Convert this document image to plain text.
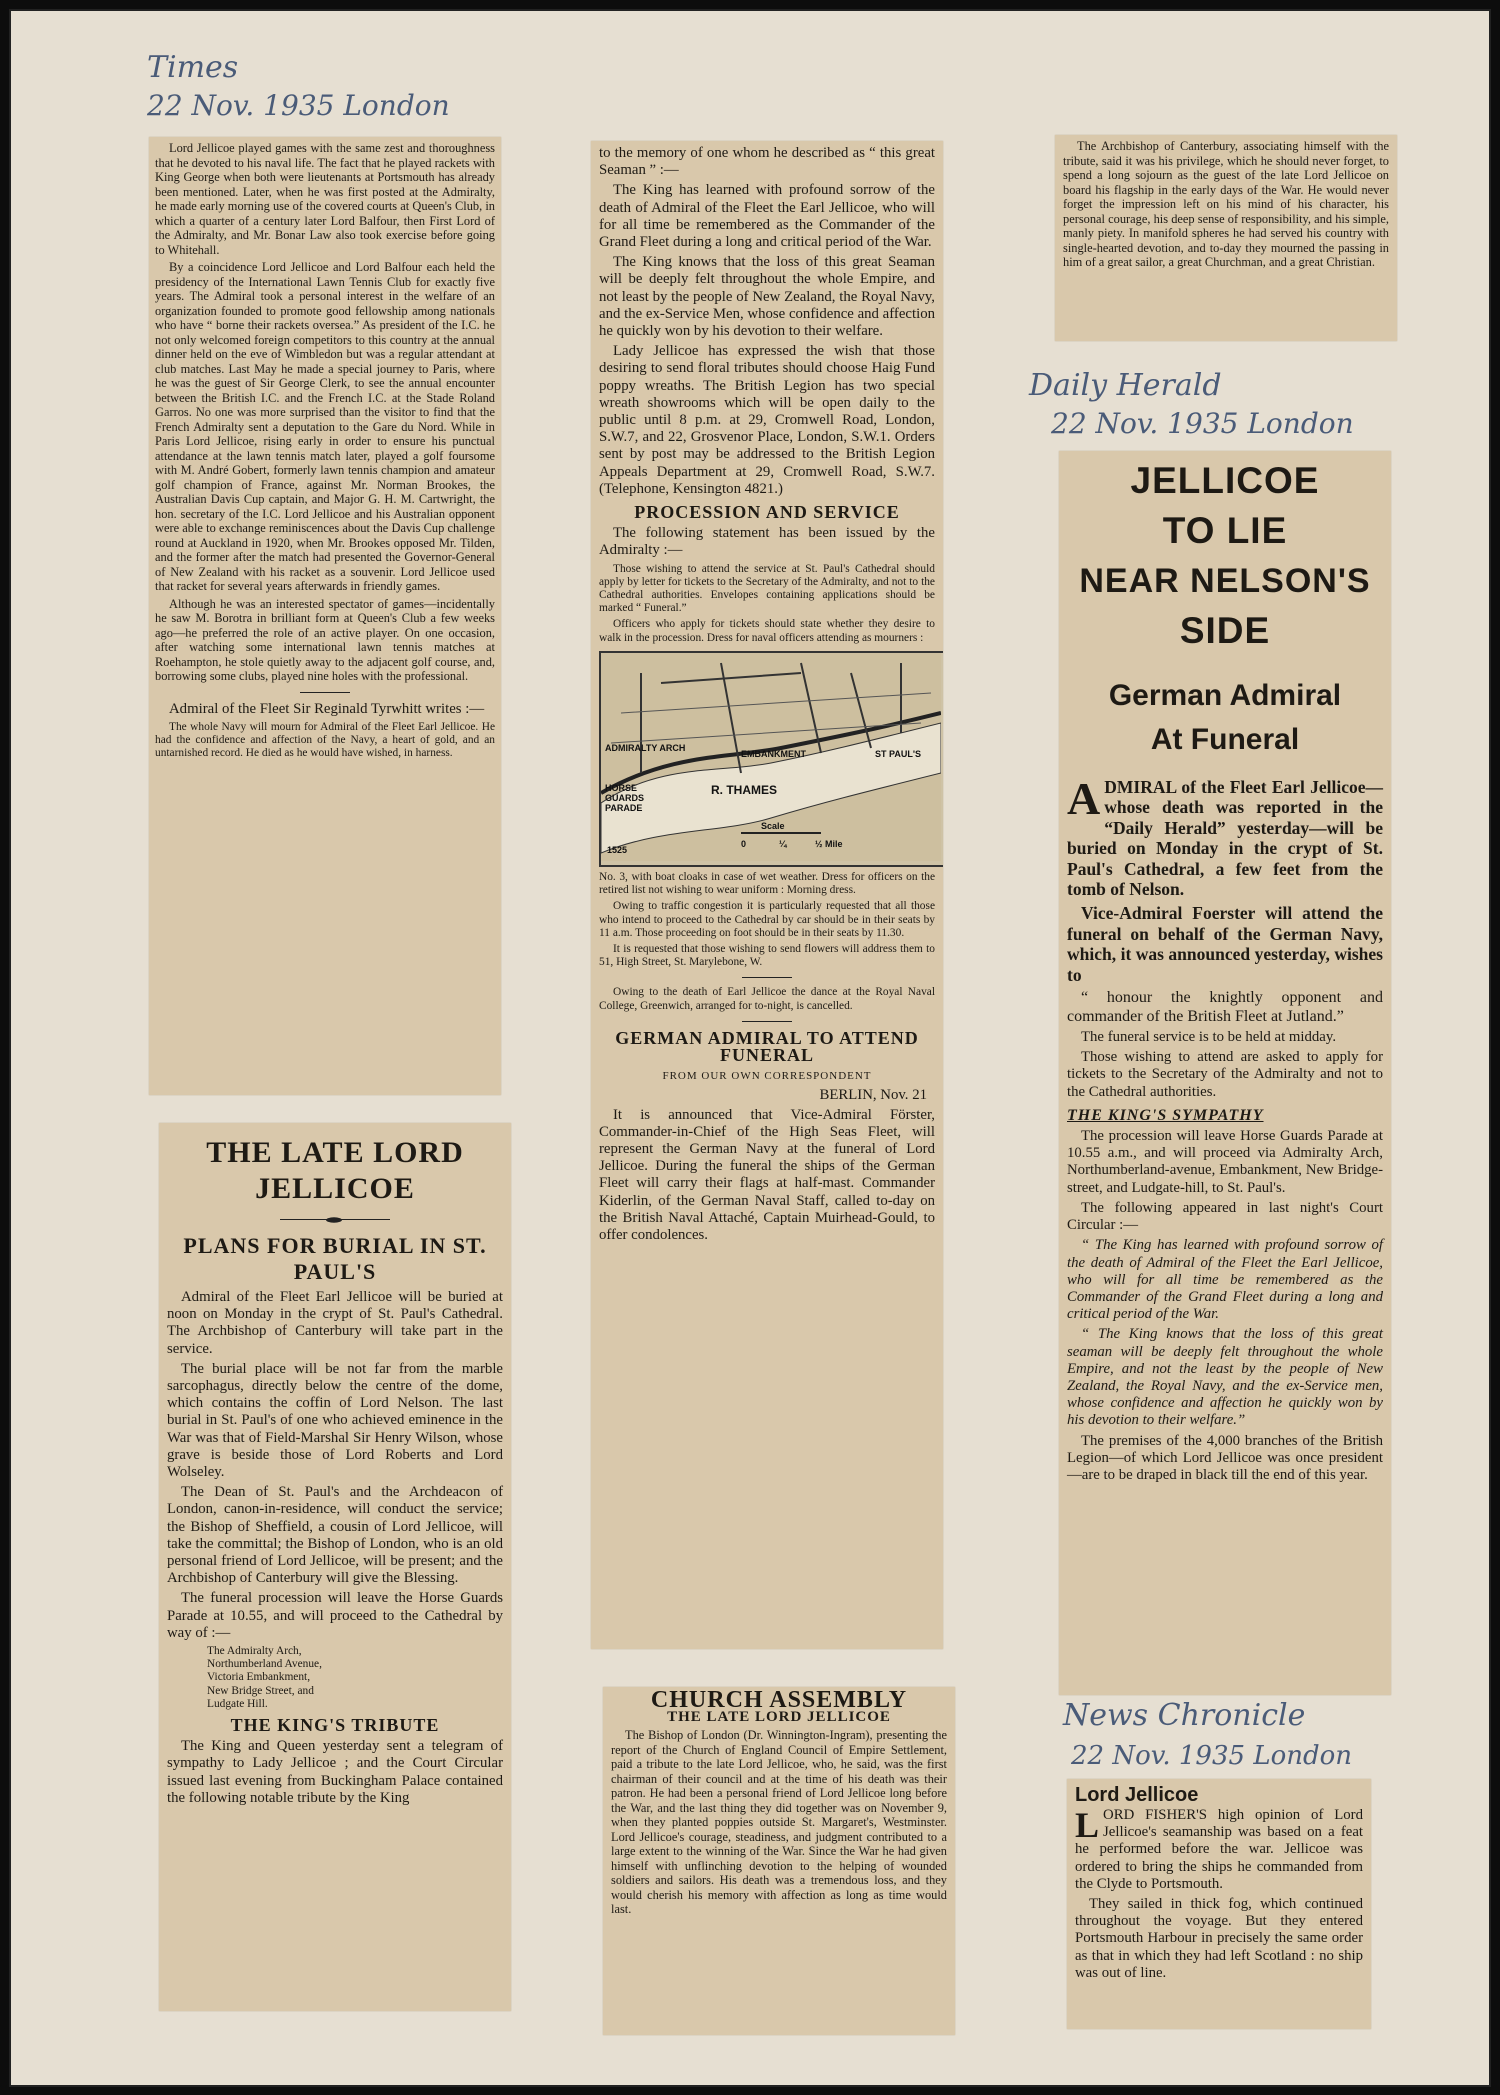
Times
22 Nov. 1935 London
Daily Herald
22 Nov. 1935 London
News Chronicle
22 Nov. 1935 London

Lord Jellicoe played games with the same zest and thoroughness that he devoted to his naval life. The fact that he played rackets with King George when both were lieutenants at Portsmouth has already been mentioned. Later, when he was first posted at the Admiralty, he made early morning use of the covered courts at Queen's Club, in which a quarter of a century later Lord Balfour, then First Lord of the Admiralty, and Mr. Bonar Law also took exercise before going to Whitehall.

By a coincidence Lord Jellicoe and Lord Balfour each held the presidency of the International Lawn Tennis Club for exactly five years. The Admiral took a personal interest in the welfare of an organization founded to promote good fellowship among nationals who have “ borne their rackets oversea.” As president of the I.C. he not only welcomed foreign competitors to this country at the annual dinner held on the eve of Wimbledon but was a regular attendant at club matches. Last May he made a special journey to Paris, where he was the guest of Sir George Clerk, to see the annual encounter between the British I.C. and the French I.C. at the Stade Roland Garros. No one was more surprised than the visitor to find that the French Admiralty sent a deputation to the Gare du Nord. While in Paris Lord Jellicoe, rising early in order to ensure his punctual attendance at the lawn tennis match later, played a golf foursome with M. André Gobert, formerly lawn tennis champion and amateur golf champion of France, against Mr. Norman Brookes, the Australian Davis Cup captain, and Major G. H. M. Cartwright, the hon. secretary of the I.C. Lord Jellicoe and his Australian opponent were able to exchange reminiscences about the Davis Cup challenge round at Auckland in 1920, when Mr. Brookes opposed Mr. Tilden, and the former after the match had presented the Governor-General of New Zealand with his racket as a souvenir. Lord Jellicoe used that racket for several years afterwards in friendly games.

Although he was an interested spectator of games—incidentally he saw M. Borotra in brilliant form at Queen's Club a few weeks ago—he preferred the role of an active player. On one occasion, after watching some international lawn tennis matches at Roehampton, he stole quietly away to the adjacent golf course, and, borrowing some clubs, played nine holes with the professional.

Admiral of the Fleet Sir Reginald Tyrwhitt writes :—

The whole Navy will mourn for Admiral of the Fleet Earl Jellicoe. He had the confidence and affection of the Navy, a heart of gold, and an untarnished record. He died as he would have wished, in harness.

THE LATE LORD JELLICOE
PLANS FOR BURIAL IN ST. PAUL'S

Admiral of the Fleet Earl Jellicoe will be buried at noon on Monday in the crypt of St. Paul's Cathedral. The Archbishop of Canterbury will take part in the service.

The burial place will be not far from the marble sarcophagus, directly below the centre of the dome, which contains the coffin of Lord Nelson. The last burial in St. Paul's of one who achieved eminence in the War was that of Field-Marshal Sir Henry Wilson, whose grave is beside those of Lord Roberts and Lord Wolseley.

The Dean of St. Paul's and the Archdeacon of London, canon-in-residence, will conduct the service; the Bishop of Sheffield, a cousin of Lord Jellicoe, will take the committal; the Bishop of London, who is an old personal friend of Lord Jellicoe, will be present; and the Archbishop of Canterbury will give the Blessing.

The funeral procession will leave the Horse Guards Parade at 10.55, and will proceed to the Cathedral by way of :—

The Admiralty Arch,
Northumberland Avenue,
Victoria Embankment,
New Bridge Street, and
Ludgate Hill.
THE KING'S TRIBUTE

The King and Queen yesterday sent a telegram of sympathy to Lady Jellicoe ; and the Court Circular issued last evening from Buckingham Palace contained the following notable tribute by the King

to the memory of one whom he described as “ this great Seaman ” :—

The King has learned with profound sorrow of the death of Admiral of the Fleet the Earl Jellicoe, who will for all time be remembered as the Commander of the Grand Fleet during a long and critical period of the War.

The King knows that the loss of this great Seaman will be deeply felt throughout the whole Empire, and not least by the people of New Zealand, the Royal Navy, and the ex-Service Men, whose confidence and affection he quickly won by his devotion to their welfare.

Lady Jellicoe has expressed the wish that those desiring to send floral tributes should choose Haig Fund poppy wreaths. The British Legion has two special wreath showrooms which will be open daily to the public until 8 p.m. at 29, Cromwell Road, London, S.W.7, and 22, Grosvenor Place, London, S.W.1. Orders sent by post may be addressed to the British Legion Appeals Department at 29, Cromwell Road, S.W.7. (Telephone, Kensington 4821.)

PROCESSION AND SERVICE

The following statement has been issued by the Admiralty :—

Those wishing to attend the service at St. Paul's Cathedral should apply by letter for tickets to the Secretary of the Admiralty, and not to the Cathedral authorities. Envelopes containing applications should be marked “ Funeral.”

Officers who apply for tickets should state whether they desire to walk in the procession. Dress for naval officers attending as mourners :

ADMIRALTY ARCH
HORSE GUARDS PARADE
EMBANKMENT
R. THAMES
ST PAUL'S
Scale
0	¼	½ Mile
1525

No. 3, with boat cloaks in case of wet weather. Dress for officers on the retired list not wishing to wear uniform : Morning dress.

Owing to traffic congestion it is particularly requested that all those who intend to proceed to the Cathedral by car should be in their seats by 11 a.m. Those proceeding on foot should be in their seats by 11.30.

It is requested that those wishing to send flowers will address them to 51, High Street, St. Marylebone, W.

Owing to the death of Earl Jellicoe the dance at the Royal Naval College, Greenwich, arranged for to-night, is cancelled.

GERMAN ADMIRAL TO ATTEND FUNERAL
FROM OUR OWN CORRESPONDENT
BERLIN, Nov. 21

It is announced that Vice-Admiral Förster, Commander-in-Chief of the High Seas Fleet, will represent the German Navy at the funeral of Lord Jellicoe. During the funeral the ships of the German Fleet will carry their flags at half-mast. Commander Kiderlin, of the German Naval Staff, called to-day on the British Naval Attaché, Captain Muirhead-Gould, to offer condolences.

CHURCH ASSEMBLY
THE LATE LORD JELLICOE

The Bishop of London (Dr. Winnington-Ingram), presenting the report of the Church of England Council of Empire Settlement, paid a tribute to the late Lord Jellicoe, who, he said, was the first chairman of their council and at the time of his death was their patron. He had been a personal friend of Lord Jellicoe long before the War, and the last thing they did together was on November 9, when they planted poppies outside St. Margaret's, Westminster. Lord Jellicoe's courage, steadiness, and judgment contributed to a large extent to the winning of the War. Since the War he had given himself with unflinching devotion to the helping of wounded soldiers and sailors. His death was a tremendous loss, and they would cherish his memory with affection as long as time would last.

The Archbishop of Canterbury, associating himself with the tribute, said it was his privilege, which he should never forget, to spend a long sojourn as the guest of the late Lord Jellicoe on board his flagship in the early days of the War. He would never forget the impression left on his mind of his character, his personal courage, his deep sense of responsibility, and his simple, manly piety. In manifold spheres he had served his country with single-hearted devotion, and to-day they mourned the passing in him of a great sailor, a great Churchman, and a great Christian.

JELLICOE
TO LIE
NEAR NELSON'S
SIDE
German Admiral
At Funeral
ADMIRAL of the Fleet Earl Jellicoe—whose death was reported in the “Daily Herald” yesterday—will be buried on Monday in the crypt of St. Paul's Cathedral, a few feet from the tomb of Nelson.

Vice-Admiral Foerster will attend the funeral on behalf of the German Navy, which, it was announced yesterday, wishes to

“ honour the knightly opponent and commander of the British Fleet at Jutland.”

The funeral service is to be held at midday.

Those wishing to attend are asked to apply for tickets to the Secretary of the Admiralty and not to the Cathedral authorities.

THE KING'S SYMPATHY

The procession will leave Horse Guards Parade at 10.55 a.m., and will proceed via Admiralty Arch, Northumberland-avenue, Embankment, New Bridge-street, and Ludgate-hill, to St. Paul's.

The following appeared in last night's Court Circular :—

“ The King has learned with profound sorrow of the death of Admiral of the Fleet the Earl Jellicoe, who will for all time be remembered as the Commander of the Grand Fleet during a long and critical period of the War.

“ The King knows that the loss of this great seaman will be deeply felt throughout the whole Empire, and not the least by the people of New Zealand, the Royal Navy, and the ex-Service men, whose confidence and affection he quickly won by his devotion to their welfare.”

The premises of the 4,000 branches of the British Legion—of which Lord Jellicoe was once president—are to be draped in black till the end of this year.

Lord Jellicoe
LORD FISHER'S high opinion of Lord Jellicoe's seamanship was based on a feat he performed before the war. Jellicoe was ordered to bring the ships he commanded from the Clyde to Portsmouth.

They sailed in thick fog, which continued throughout the voyage. But they entered Portsmouth Harbour in precisely the same order as that in which they had left Scotland : no ship was out of line.
